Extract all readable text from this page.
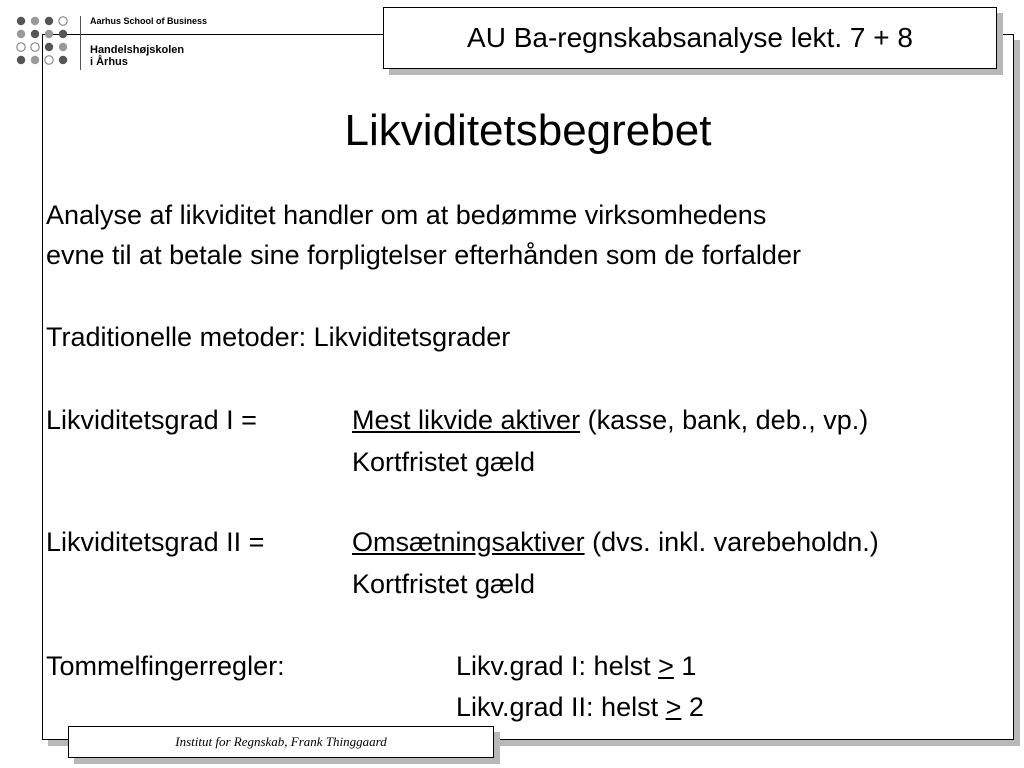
Aarhus School of Business
Handelshøjskolen
i Århus
AU Ba-regnskabsanalyse lekt. 7 + 8
Likviditetsbegrebet
Analyse af likviditet handler om at bedømme virksomhedens
evne til at betale sine forpligtelser efterhånden som de forfalder
Traditionelle metoder: Likviditetsgrader
Likviditetsgrad I =	Mest likvide aktiver (kasse, bank, deb., vp.)
Kortfristet gæld
Likviditetsgrad II =	Omsætningsaktiver (dvs. inkl. varebeholdn.)
Kortfristet gæld
Tommelfingerregler:	Likv.grad I: helst > 1
Likv.grad II: helst > 2
Institut for Regnskab, Frank Thinggaard
